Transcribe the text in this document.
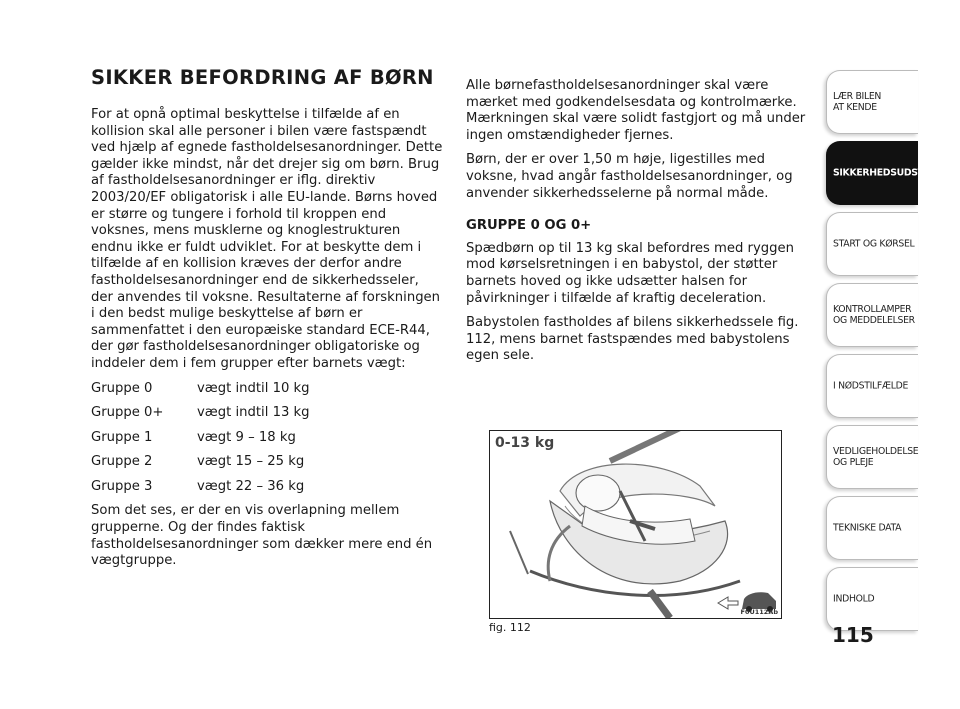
SIKKER BEFORDRING AF BØRN

For at opnå optimal beskyttelse i tilfælde af en kollision skal alle personer i bilen være fastspændt ved hjælp af egnede fastholdelsesanordninger. Dette gælder ikke mindst, når det drejer sig om børn. Brug af fastholdelsesanordninger er iflg. direktiv 2003/20/EF obligatorisk i alle EU-lande. Børns hoved er større og tungere i forhold til kroppen end voksnes, mens musklerne og knoglestrukturen endnu ikke er fuldt udviklet. For at beskytte dem i tilfælde af en kollision kræves der derfor andre fastholdelsesanordninger end de sikkerhedsseler, der anvendes til voksne. Resultaterne af forskningen i den bedst mulige beskyttelse af børn er sammenfattet i den europæiske standard ECE-R44, der gør fastholdelsesanordninger obligatoriske og inddeler dem i fem grupper efter barnets vægt:

Gruppe 0	vægt indtil 10 kg
Gruppe 0+	vægt indtil 13 kg
Gruppe 1	vægt 9 – 18 kg
Gruppe 2	vægt 15 – 25 kg
Gruppe 3	vægt 22 – 36 kg

Som det ses, er der en vis overlapning mellem grupperne. Og der findes faktisk fastholdelsesanordninger som dækker mere end én vægtgruppe.

Alle børnefastholdelsesanordninger skal være mærket med godkendelsesdata og kontrolmærke. Mærkningen skal være solidt fastgjort og må under ingen omstændigheder fjernes.

Børn, der er over 1,50 m høje, ligestilles med voksne, hvad angår fastholdelsesanordninger, og anvender sikkerhedsselerne på normal måde.

GRUPPE 0 OG 0+

Spædbørn op til 13 kg skal befordres med ryggen mod kørselsretningen i en babystol, der støtter barnets hoved og ikke udsætter halsen for påvirkninger i tilfælde af kraftig deceleration.

Babystolen fastholdes af bilens sikkerhedssele fig. 112, mens barnet fastspændes med babystolens egen sele.

0-13 kg
F0U112Ab
fig. 112
LÆR BILEN
AT KENDE
SIKKERHEDSUDSTYR
START OG KØRSEL
KONTROLLAMPER
OG MEDDELELSER
I NØDSTILFÆLDE
VEDLIGEHOLDELSE
OG PLEJE
TEKNISKE DATA
INDHOLD
115
